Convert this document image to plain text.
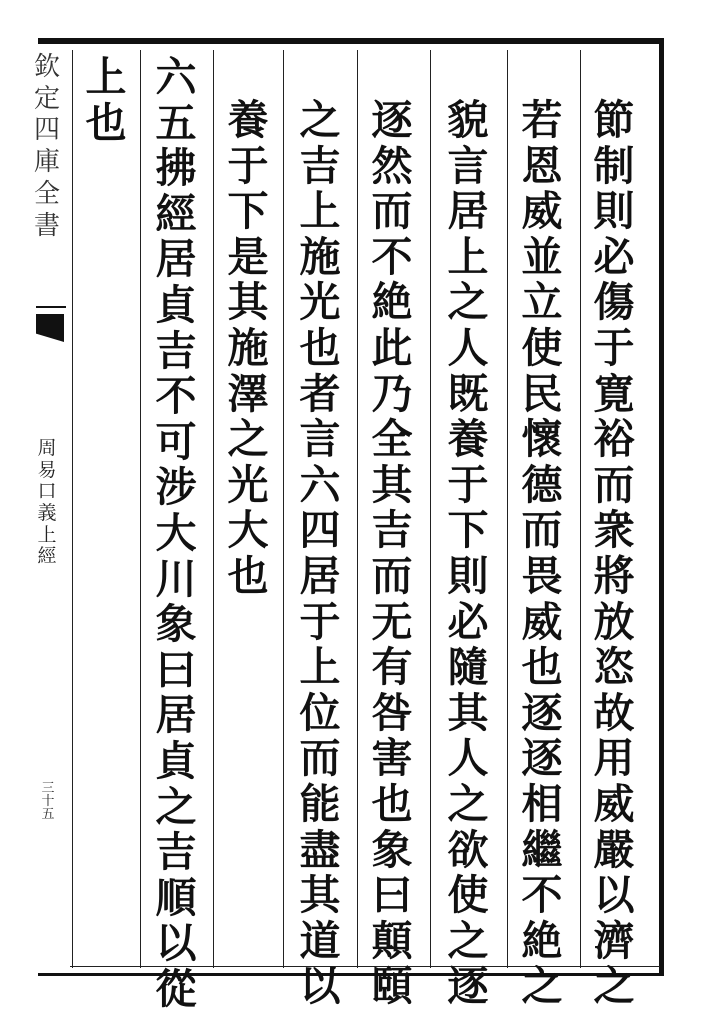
欽
定
四
庫
全
書
周
易
口
義
上
經
三
十
五
節
制
則
必
傷
于
寛
裕
而
衆
將
放
恣
故
用
威
嚴
以
濟
之
若
恩
威
並
立
使
民
懷
德
而
畏
威
也
逐
逐
相
繼
不
絶
之
貌
言
居
上
之
人
既
養
于
下
則
必
隨
其
人
之
欲
使
之
逐
逐
然
而
不
絶
此
乃
全
其
吉
而
无
有
咎
害
也
象
曰
顛
頤
之
吉
上
施
光
也
者
言
六
四
居
于
上
位
而
能
盡
其
道
以
養
于
下
是
其
施
澤
之
光
大
也
六
五
拂
經
居
貞
吉
不
可
涉
大
川
象
曰
居
貞
之
吉
順
以
從
上
也
